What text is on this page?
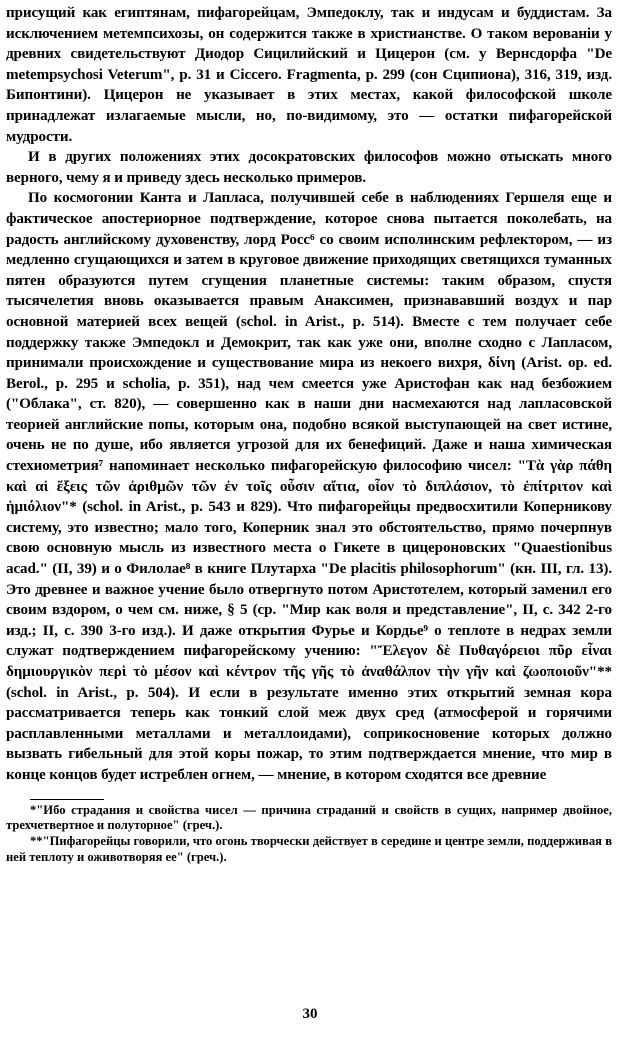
присущий как египтянам, пифагорейцам, Эмпедоклу, так и индусам и буддистам. За исключением метемпсихозы, он содержится также в христианстве. О таком верованiи у древних свидетельствуют Диодор Сицилийский и Цицерон (см. у Вернсдорфа "De metempsychosi Veterum", p. 31 и Ciccero. Fragmenta, p. 299 (сон Сципиона), 316, 319, изд. Бипонтини). Цицерон не указывает в этих местах, какой философской школе принадлежат излагаемые мысли, но, по-видимому, это — остатки пифагорейской мудрости.

И в других положениях этих досократовских философов можно отыскать много верного, чему я и приведу здесь несколько примеров.

По космогонии Канта и Лапласа, получившей себе в наблюдениях Гершеля еще и фактическое апостериорное подтверждение, которое снова пытается поколебать, на радость английскому духовенству, лорд Росс⁶ со своим исполинским рефлектором, — из медленно сгущающихся и затем в круговое движение приходящих светящихся туманных пятен образуются путем сгущения планетные системы: таким образом, спустя тысячелетия вновь оказывается правым Анаксимен, признававший воздух и пар основной материей всех вещей (schol. in Arist., p. 514). Вместе с тем получает себе поддержку также Эмпедокл и Демокрит, так как уже они, вполне сходно с Лапласом, принимали происхождение и существование мира из некоего вихря, δίνη (Arist. op. ed. Berol., p. 295 и scholia, p. 351), над чем смеется уже Аристофан как над безбожием ("Облака", ст. 820), — совершенно как в наши дни насмехаются над лапласовской теорией английские попы, которым она, подобно всякой выступающей на свет истине, очень не по душе, ибо является угрозой для их бенефиций. Даже и наша химическая стехиометрия⁷ напоминает несколько пифагорейскую философию чисел: "Τὰ γὰρ πάθη καὶ αἱ ἕξεις τῶν ἀριθμῶν τῶν ἐν τοῖς οὖσιν αἴτια, οἷον τὸ διπλάσιον, τὸ ἐπίτριτον καὶ ἡμιόλιον"* (schol. in Arist., p. 543 и 829). Что пифагорейцы предвосхитили Коперникову систему, это известно; мало того, Коперник знал это обстоятельство, прямо почерпнув свою основную мысль из известного места о Гикете в цицероновских "Quaestionibus acad." (II, 39) и о Филолае⁸ в книге Плутарха "De placitis philosophorum" (кн. III, гл. 13). Это древнее и важное учение было отвергнуто потом Аристотелем, который заменил его своим вздором, о чем см. ниже, § 5 (ср. "Мир как воля и представление", II, с. 342 2-го изд.; II, с. 390 3-го изд.). И даже открытия Фурье и Кордье⁹ о теплоте в недрах земли служат подтверждением пифагорейскому учению: "Ἔλεγον δὲ Πυθαγόρειοι πῦρ εἶναι δημιουργικὸν περὶ τὸ μέσον καὶ κέντρον τῆς γῆς τὸ ἀναθάλπον τὴν γῆν καὶ ζωοποιοῦν"** (schol. in Arist., p. 504). И если в результате именно этих открытий земная кора рассматривается теперь как тонкий слой меж двух сред (атмосферой и горячими расплавленными металлами и металлоидами), соприкосновение которых должно вызвать гибельный для этой коры пожар, то этим подтверждается мнение, что мир в конце концов будет истреблен огнем, — мнение, в котором сходятся все древние

*"Ибо страдания и свойства чисел — причина страданий и свойств в сущих, например двойное, трехчетвертное и полуторное" (греч.).

**"Пифагорейцы говорили, что огонь творчески действует в середине и центре земли, поддерживая в ней теплоту и оживотворяя ее" (греч.).

30
